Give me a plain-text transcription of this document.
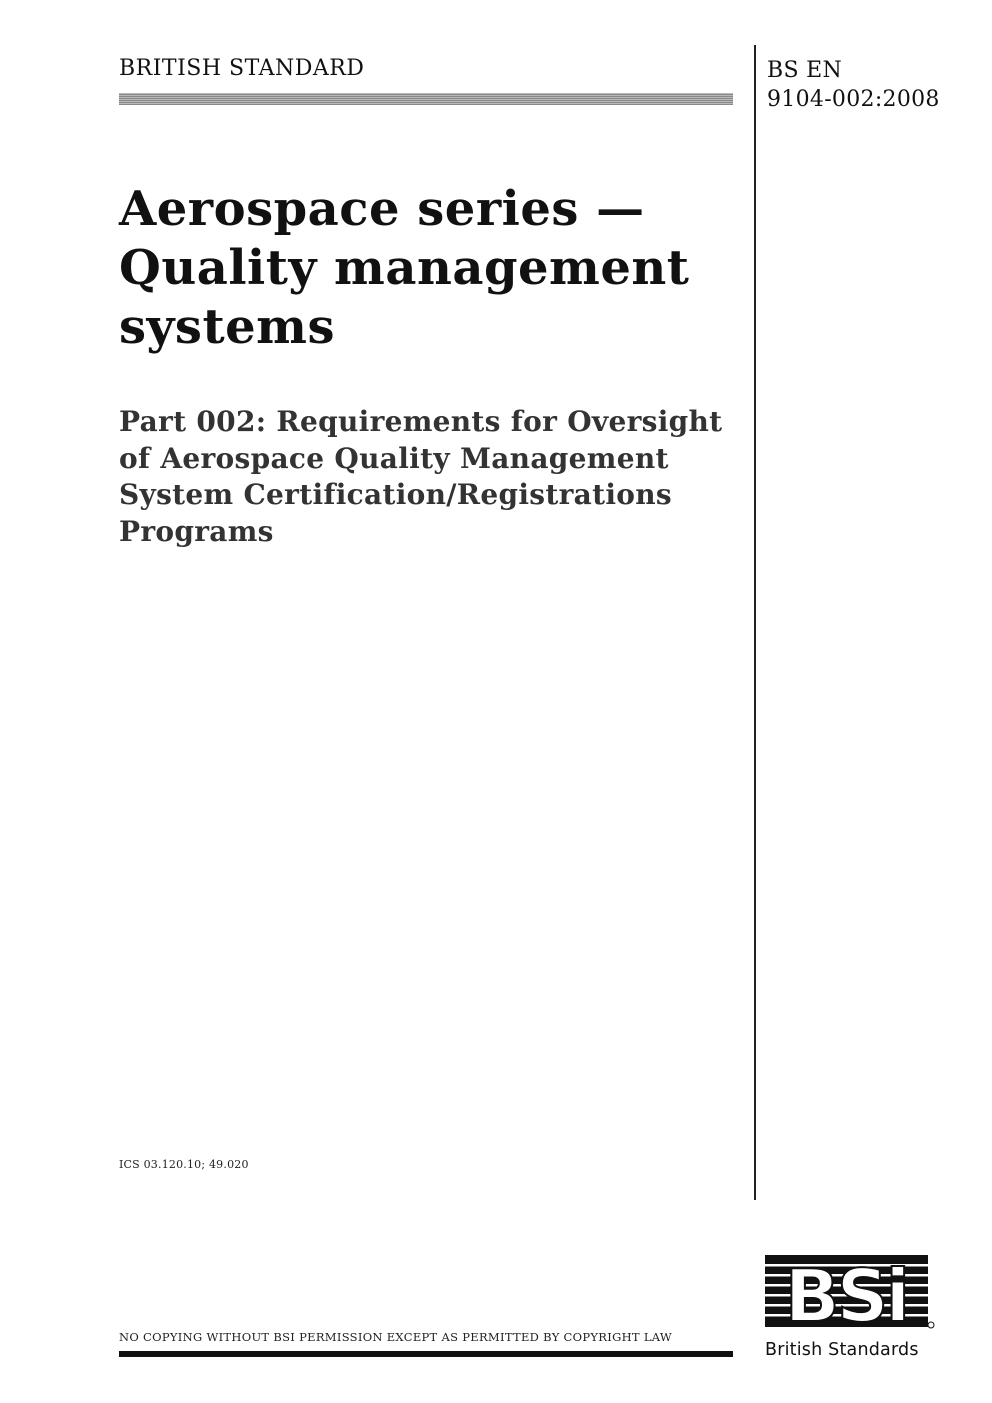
BRITISH STANDARD	BS EN
9104-002:2008
Aerospace series —
Quality management
systems
Part 002: Requirements for Oversight
of Aerospace Quality Management
System Certification/Registrations
Programs
ICS 03.120.10; 49.020
NO COPYING WITHOUT BSI PERMISSION EXCEPT AS PERMITTED BY COPYRIGHT LAW BSi
British Standards
